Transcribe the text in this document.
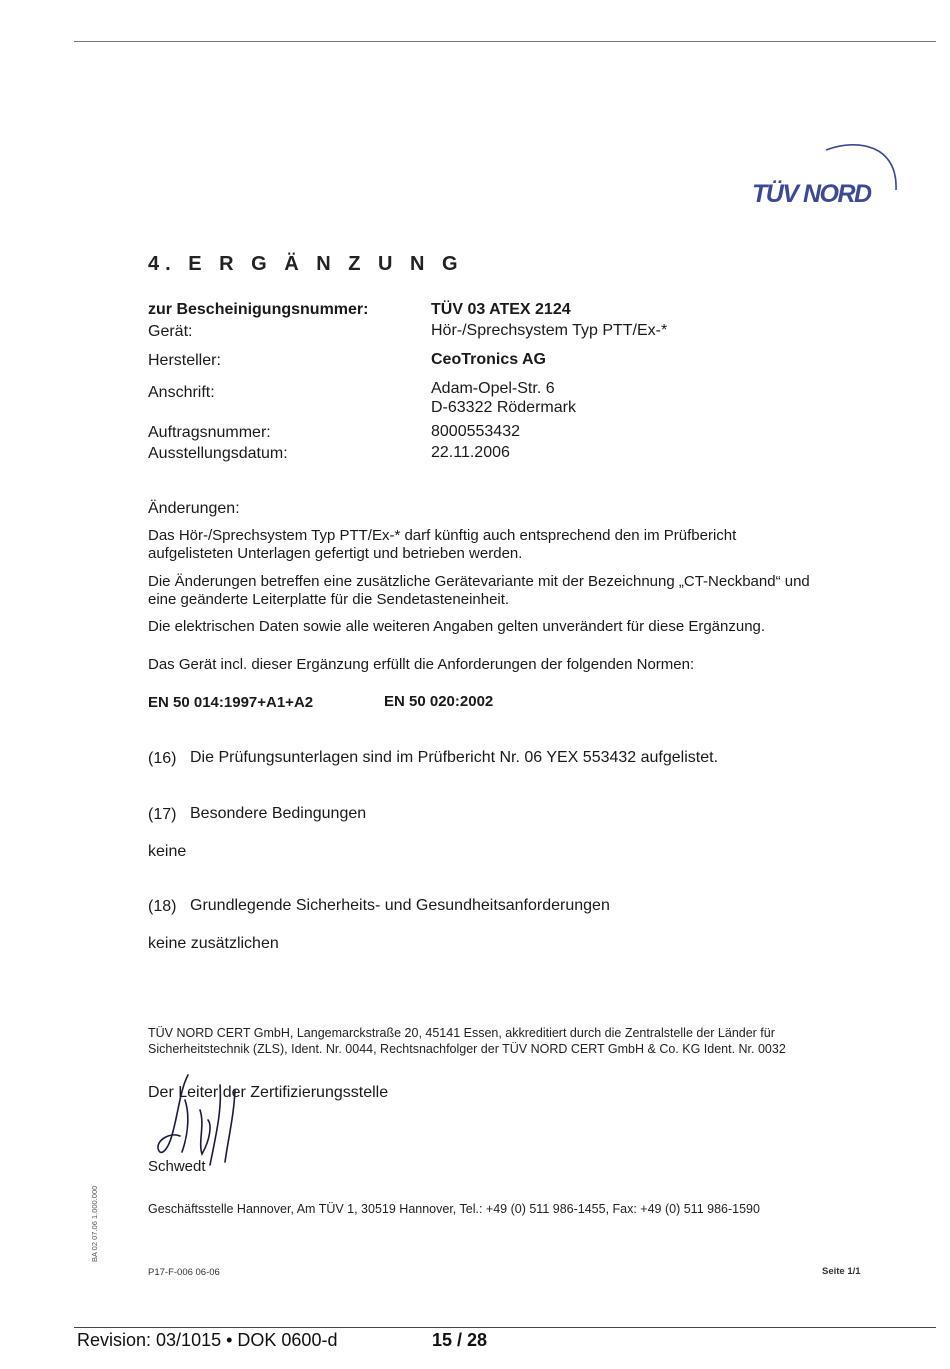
TÜV NORD
4. E R G Ä N Z U N G
zur Bescheinigungsnummer:	TÜV 03 ATEX 2124
Gerät:	Hör-/Sprechsystem Typ PTT/Ex-*
Hersteller:	CeoTronics AG
Anschrift:	Adam-Opel-Str. 6
D-63322 Rödermark
Auftragsnummer:	8000553432
Ausstellungsdatum:	22.11.2006
Änderungen:
Das Hör-/Sprechsystem Typ PTT/Ex-* darf künftig auch entsprechend den im Prüfbericht
aufgelisteten Unterlagen gefertigt und betrieben werden.
Die Änderungen betreffen eine zusätzliche Gerätevariante mit der Bezeichnung „CT-Neckband“ und
eine geänderte Leiterplatte für die Sendetasteneinheit.
Die elektrischen Daten sowie alle weiteren Angaben gelten unverändert für diese Ergänzung.
Das Gerät incl. dieser Ergänzung erfüllt die Anforderungen der folgenden Normen:
EN 50 014:1997+A1+A2	EN 50 020:2002
(16) Die Prüfungsunterlagen sind im Prüfbericht Nr. 06 YEX 553432 aufgelistet.
(17) Besondere Bedingungen
keine
(18) Grundlegende Sicherheits- und Gesundheitsanforderungen
keine zusätzlichen
TÜV NORD CERT GmbH, Langemarckstraße 20, 45141 Essen, akkreditiert durch die Zentralstelle der Länder für Sicherheitstechnik (ZLS), Ident. Nr. 0044, Rechtsnachfolger der TÜV NORD CERT GmbH & Co. KG Ident. Nr. 0032
Der Leiter der Zertifizierungsstelle
Schwedt
Geschäftsstelle Hannover, Am TÜV 1, 30519 Hannover, Tel.: +49 (0) 511 986-1455, Fax: +49 (0) 511 986-1590
BA 02 07.06 1.000.000
P17-F-006 06-06	Seite 1/1
Revision: 03/1015 • DOK 0600-d	15 / 28
